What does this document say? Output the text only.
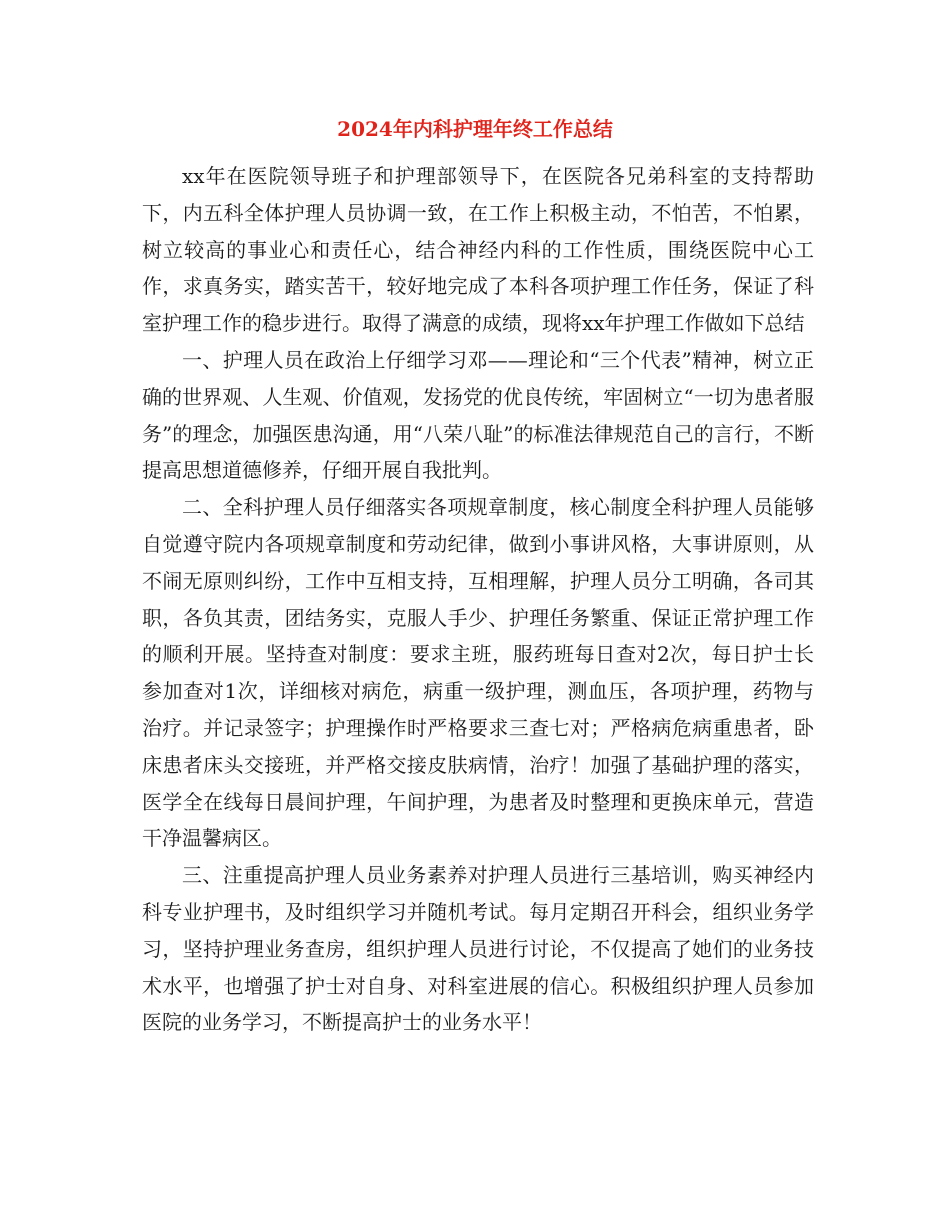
2024年内科护理年终工作总结

xx年在医院领导班子和护理部领导下，在医院各兄弟科室的支持帮助下，内五科全体护理人员协调一致，在工作上积极主动，不怕苦，不怕累，树立较高的事业心和责任心，结合神经内科的工作性质，围绕医院中心工作，求真务实，踏实苦干，较好地完成了本科各项护理工作任务，保证了科室护理工作的稳步进行。取得了满意的成绩，现将xx年护理工作做如下总结

一、护理人员在政治上仔细学习邓——理论和“三个代表”精神，树立正确的世界观、人生观、价值观，发扬党的优良传统，牢固树立“一切为患者服务”的理念，加强医患沟通，用“八荣八耻”的标准法律规范自己的言行，不断提高思想道德修养，仔细开展自我批判。

二、全科护理人员仔细落实各项规章制度，核心制度全科护理人员能够自觉遵守院内各项规章制度和劳动纪律，做到小事讲风格，大事讲原则，从不闹无原则纠纷，工作中互相支持，互相理解，护理人员分工明确，各司其职，各负其责，团结务实，克服人手少、护理任务繁重、保证正常护理工作的顺利开展。坚持查对制度：要求主班，服药班每日查对2次，每日护士长参加查对1次，详细核对病危，病重一级护理，测血压，各项护理，药物与治疗。并记录签字；护理操作时严格要求三查七对；严格病危病重患者，卧床患者床头交接班，并严格交接皮肤病情，治疗！加强了基础护理的落实，医学全在线每日晨间护理，午间护理，为患者及时整理和更换床单元，营造干净温馨病区。

三、注重提高护理人员业务素养对护理人员进行三基培训，购买神经内科专业护理书，及时组织学习并随机考试。每月定期召开科会，组织业务学习，坚持护理业务查房，组织护理人员进行讨论，不仅提高了她们的业务技术水平，也增强了护士对自身、对科室进展的信心。积极组织护理人员参加医院的业务学习，不断提高护士的业务水平！
